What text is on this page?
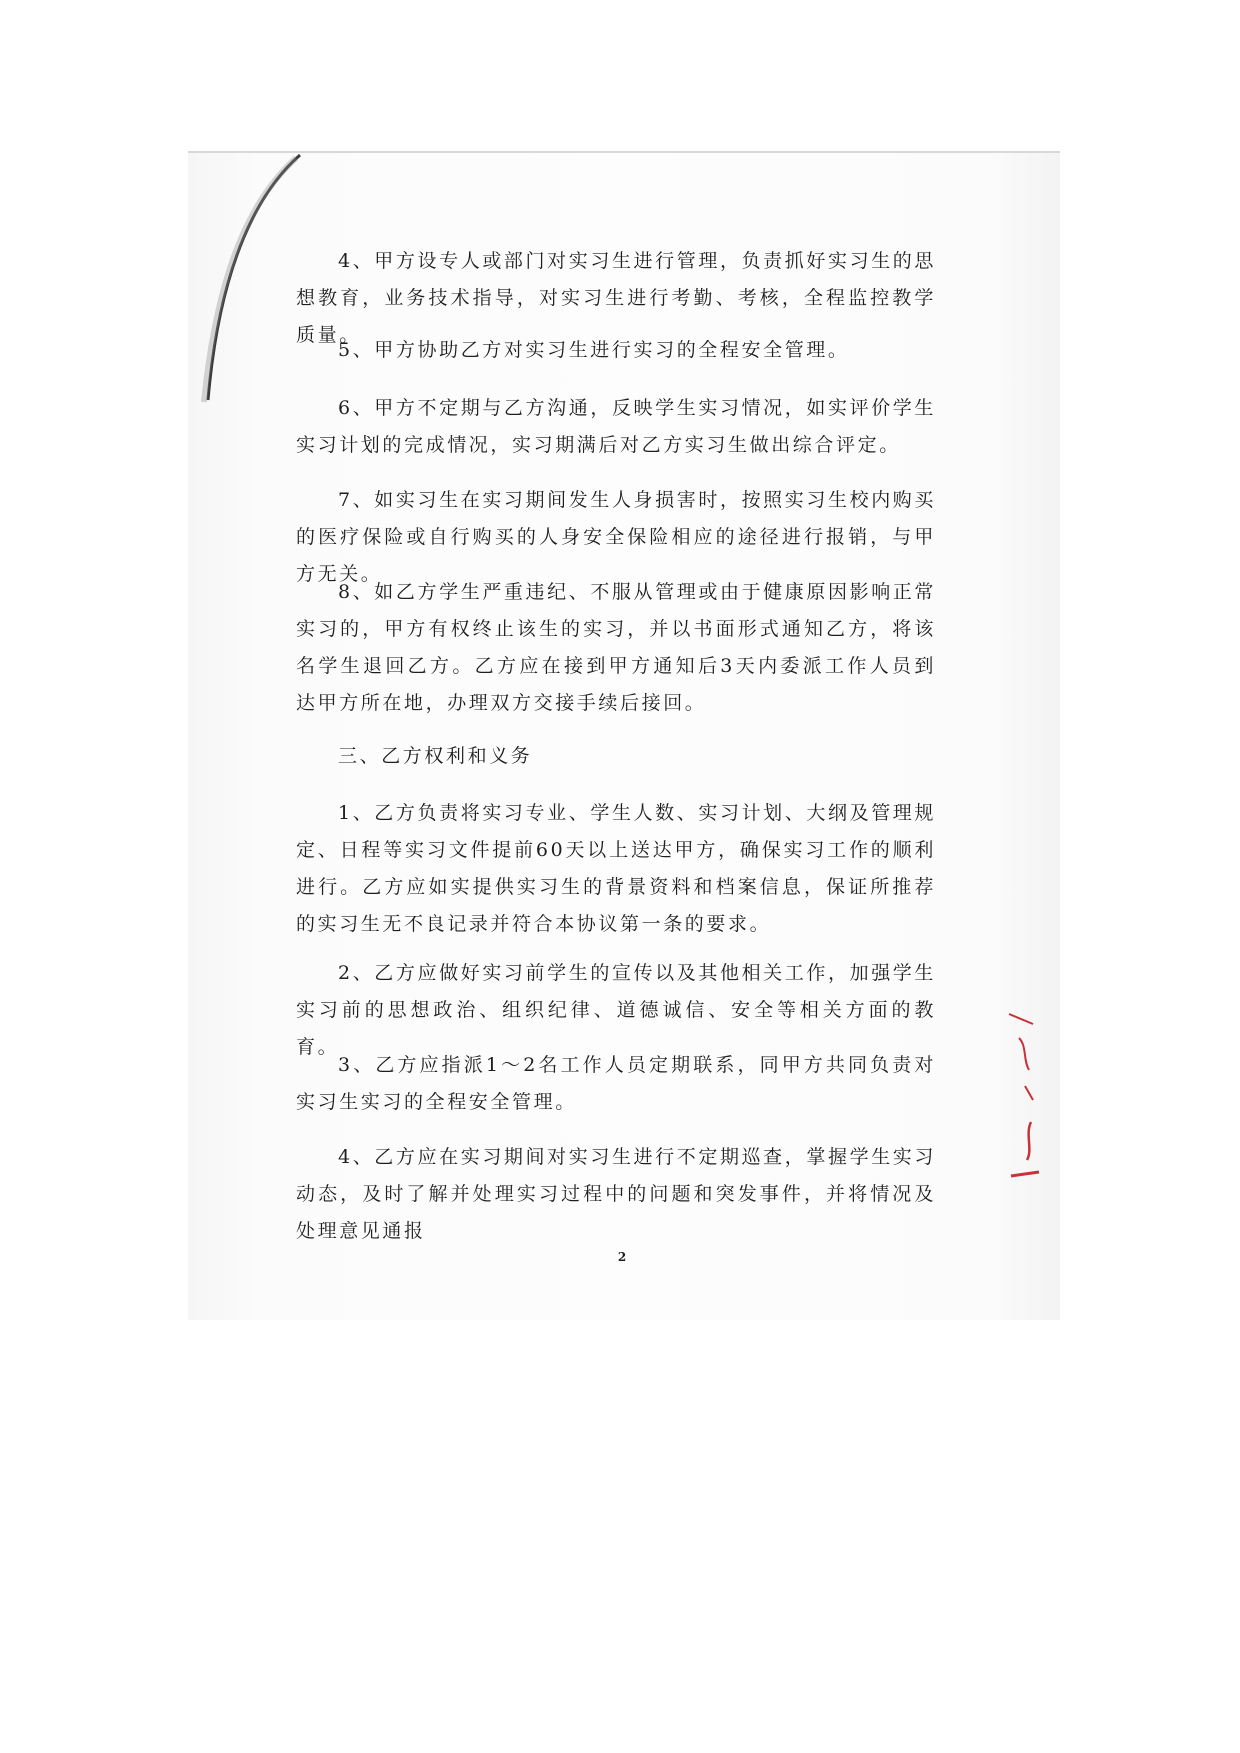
4、甲方设专人或部门对实习生进行管理，负责抓好实习生的思想教育，业务技术指导，对实习生进行考勤、考核，全程监控教学质量。

5、甲方协助乙方对实习生进行实习的全程安全管理。

6、甲方不定期与乙方沟通，反映学生实习情况，如实评价学生实习计划的完成情况，实习期满后对乙方实习生做出综合评定。

7、如实习生在实习期间发生人身损害时，按照实习生校内购买的医疗保险或自行购买的人身安全保险相应的途径进行报销，与甲方无关。

8、如乙方学生严重违纪、不服从管理或由于健康原因影响正常实习的，甲方有权终止该生的实习，并以书面形式通知乙方，将该名学生退回乙方。乙方应在接到甲方通知后3天内委派工作人员到达甲方所在地，办理双方交接手续后接回。

三、乙方权利和义务

1、乙方负责将实习专业、学生人数、实习计划、大纲及管理规定、日程等实习文件提前60天以上送达甲方，确保实习工作的顺利进行。乙方应如实提供实习生的背景资料和档案信息，保证所推荐的实习生无不良记录并符合本协议第一条的要求。

2、乙方应做好实习前学生的宣传以及其他相关工作，加强学生实习前的思想政治、组织纪律、道德诚信、安全等相关方面的教育。

3、乙方应指派1～2名工作人员定期联系，同甲方共同负责对实习生实习的全程安全管理。

4、乙方应在实习期间对实习生进行不定期巡查，掌握学生实习动态，及时了解并处理实习过程中的问题和突发事件，并将情况及处理意见通报

2
